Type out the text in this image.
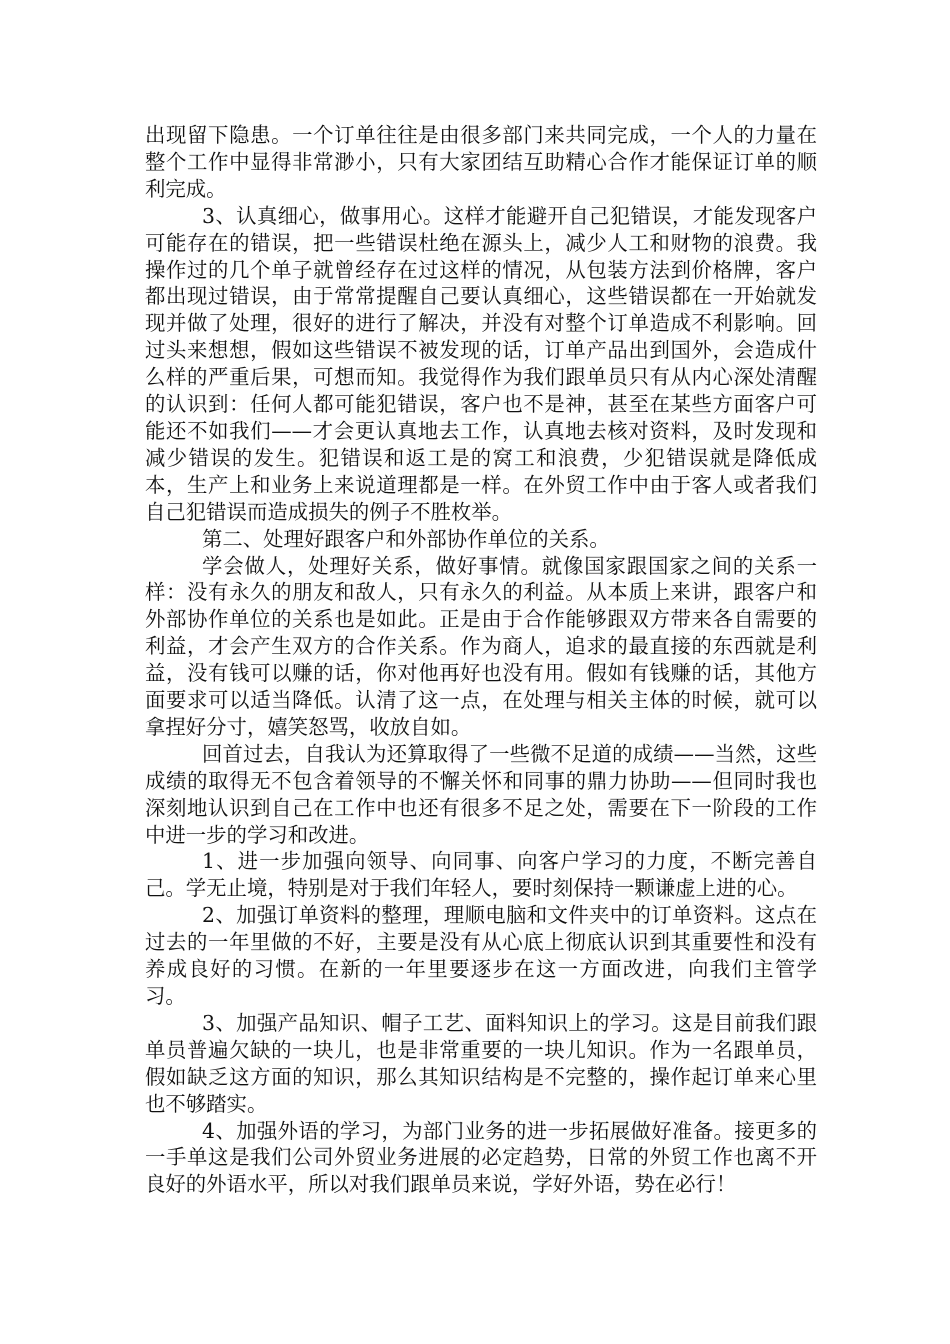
出现留下隐患。一个订单往往是由很多部门来共同完成，一个人的力量在整个工作中显得非常渺小，只有大家团结互助精心合作才能保证订单的顺利完成。

3、认真细心，做事用心。这样才能避开自己犯错误，才能发现客户可能存在的错误，把一些错误杜绝在源头上，减少人工和财物的浪费。我操作过的几个单子就曾经存在过这样的情况，从包装方法到价格牌，客户都出现过错误，由于常常提醒自己要认真细心，这些错误都在一开始就发现并做了处理，很好的进行了解决，并没有对整个订单造成不利影响。回过头来想想，假如这些错误不被发现的话，订单产品出到国外，会造成什么样的严重后果，可想而知。我觉得作为我们跟单员只有从内心深处清醒的认识到：任何人都可能犯错误，客户也不是神，甚至在某些方面客户可能还不如我们——才会更认真地去工作，认真地去核对资料，及时发现和减少错误的发生。犯错误和返工是的窝工和浪费，少犯错误就是降低成本，生产上和业务上来说道理都是一样。在外贸工作中由于客人或者我们自己犯错误而造成损失的例子不胜枚举。

第二、处理好跟客户和外部协作单位的关系。

学会做人，处理好关系，做好事情。就像国家跟国家之间的关系一样：没有永久的朋友和敌人，只有永久的利益。从本质上来讲，跟客户和外部协作单位的关系也是如此。正是由于合作能够跟双方带来各自需要的利益，才会产生双方的合作关系。作为商人，追求的最直接的东西就是利益，没有钱可以赚的话，你对他再好也没有用。假如有钱赚的话，其他方面要求可以适当降低。认清了这一点，在处理与相关主体的时候，就可以拿捏好分寸，嬉笑怒骂，收放自如。

回首过去，自我认为还算取得了一些微不足道的成绩——当然，这些成绩的取得无不包含着领导的不懈关怀和同事的鼎力协助——但同时我也深刻地认识到自己在工作中也还有很多不足之处，需要在下一阶段的工作中进一步的学习和改进。

1、进一步加强向领导、向同事、向客户学习的力度，不断完善自己。学无止境，特别是对于我们年轻人，要时刻保持一颗谦虚上进的心。

2、加强订单资料的整理，理顺电脑和文件夹中的订单资料。这点在过去的一年里做的不好，主要是没有从心底上彻底认识到其重要性和没有养成良好的习惯。在新的一年里要逐步在这一方面改进，向我们主管学习。

3、加强产品知识、帽子工艺、面料知识上的学习。这是目前我们跟单员普遍欠缺的一块儿，也是非常重要的一块儿知识。作为一名跟单员，假如缺乏这方面的知识，那么其知识结构是不完整的，操作起订单来心里也不够踏实。

4、加强外语的学习，为部门业务的进一步拓展做好准备。接更多的一手单这是我们公司外贸业务进展的必定趋势，日常的外贸工作也离不开良好的外语水平，所以对我们跟单员来说，学好外语，势在必行！
